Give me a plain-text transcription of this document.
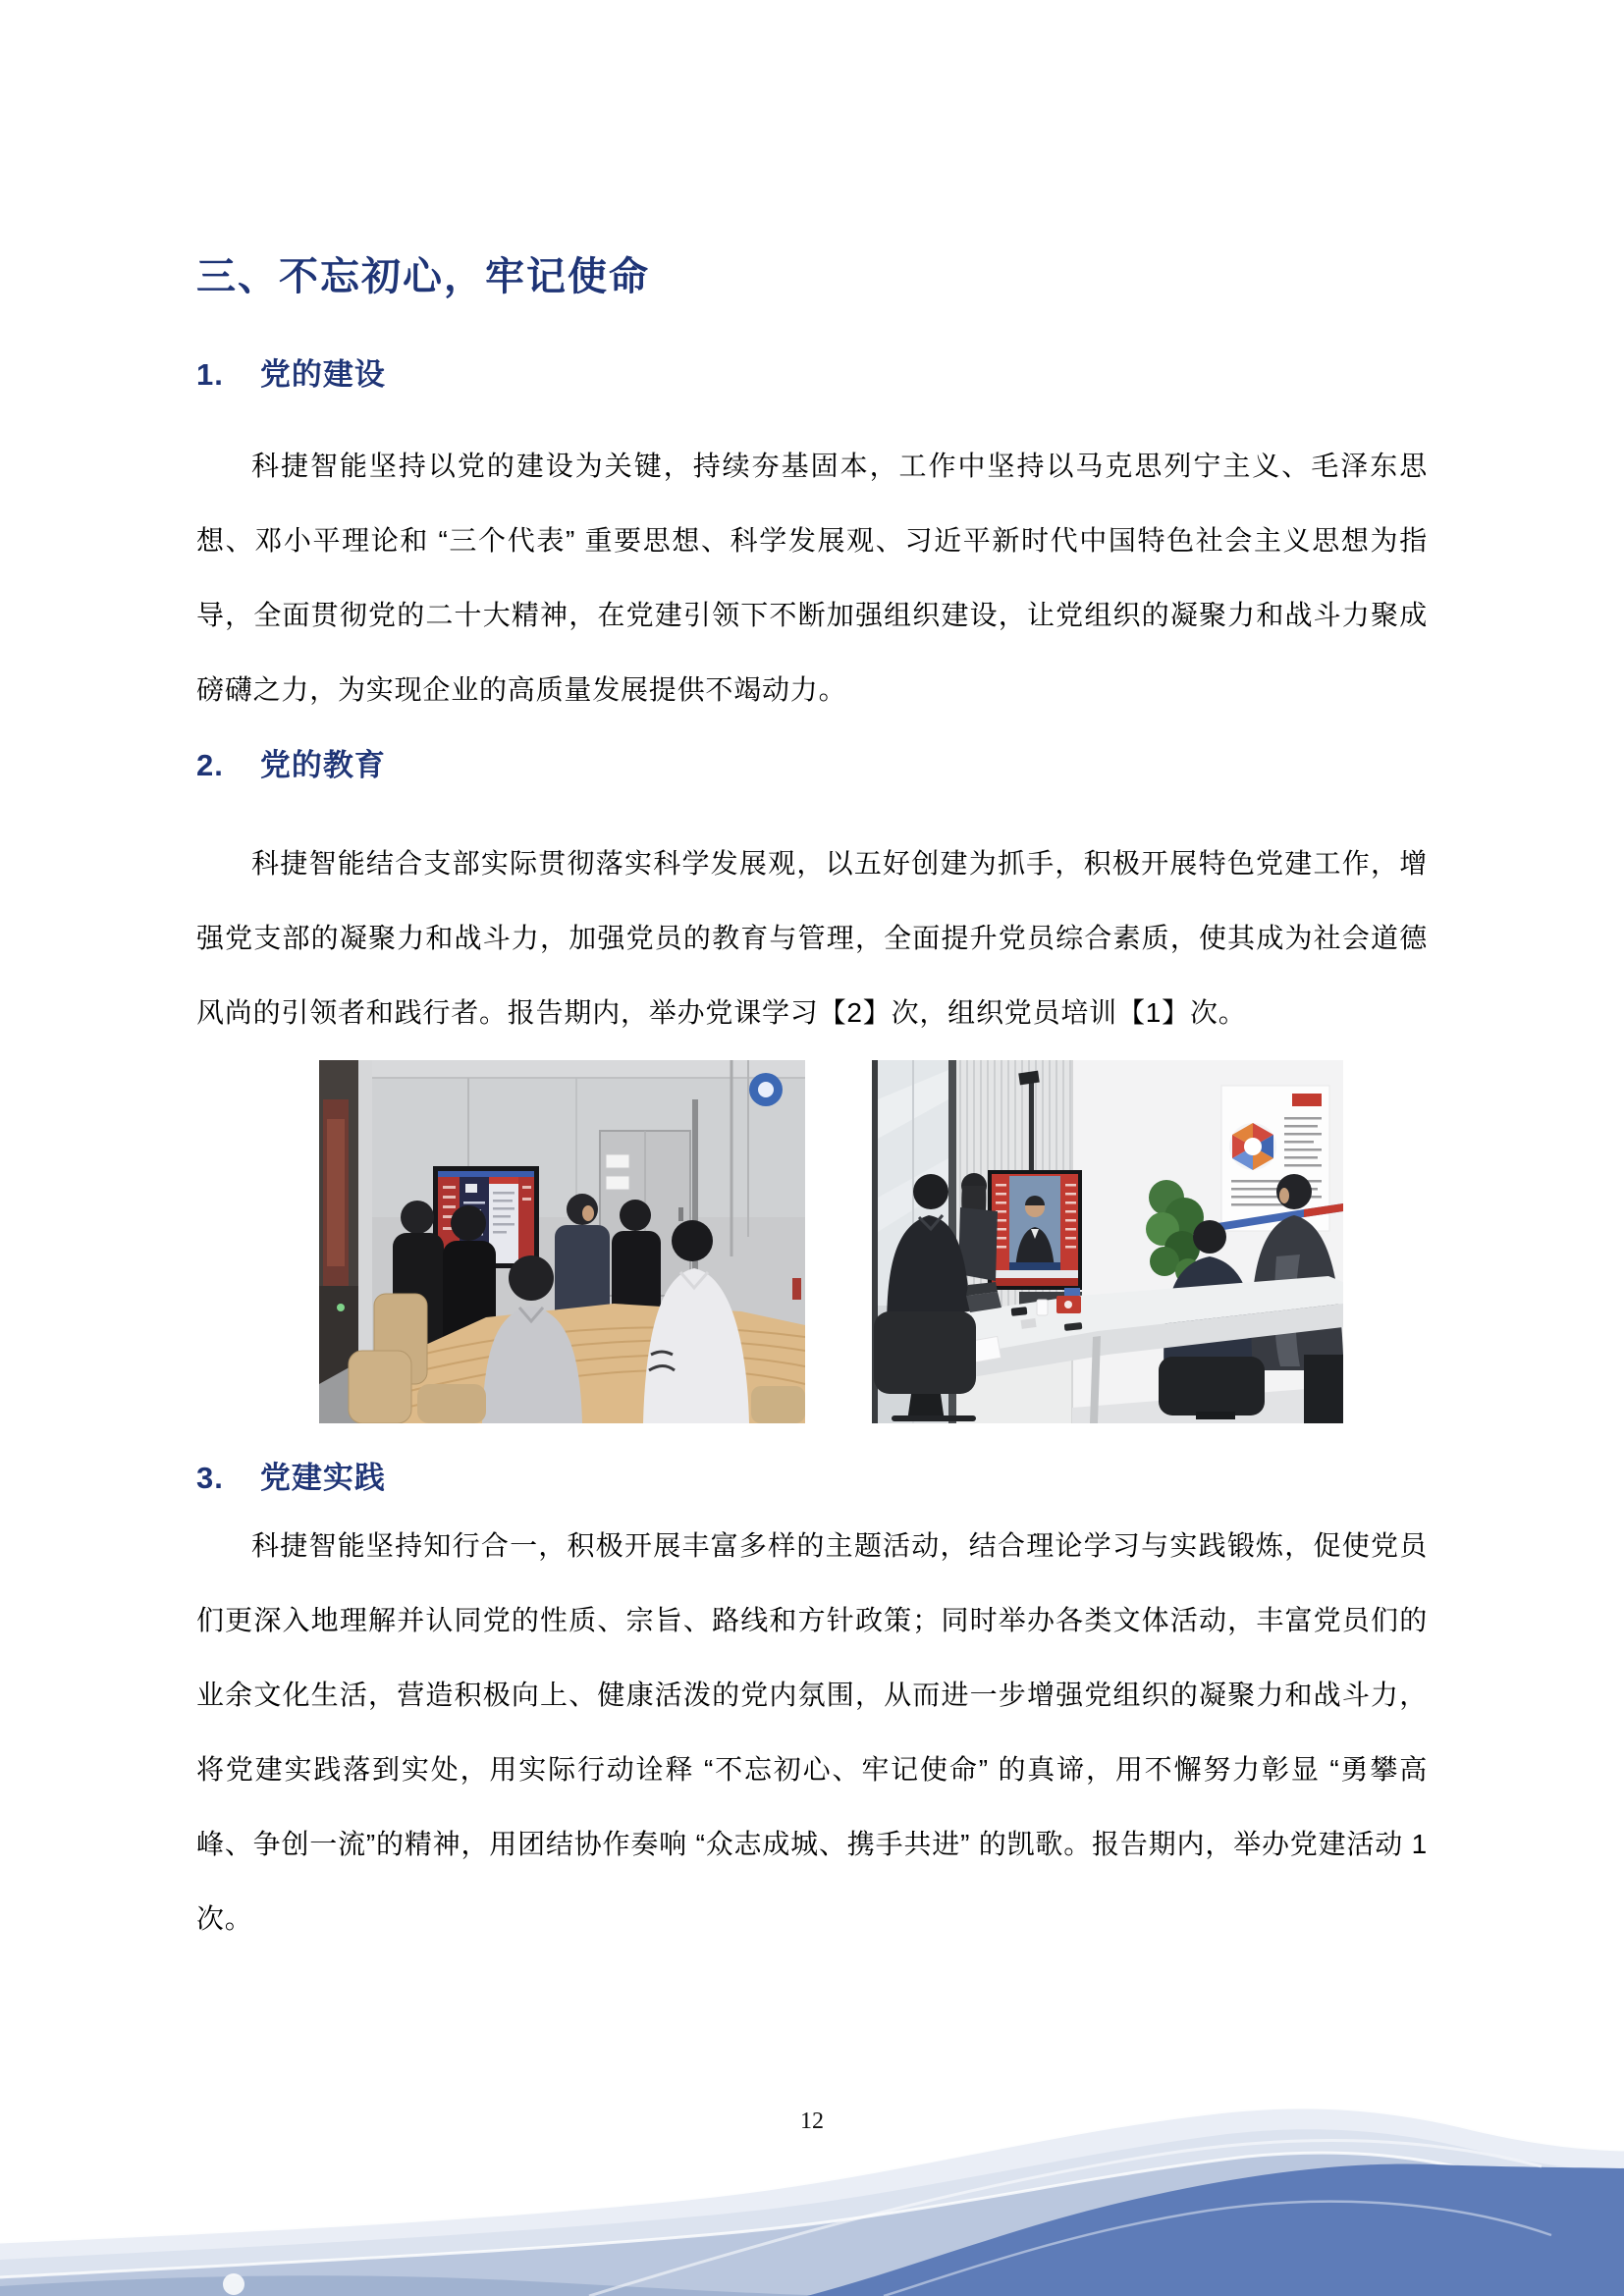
三、不忘初心，牢记使命
1. 党的建设

科捷智能坚持以党的建设为关键，持续夯基固本，工作中坚持以马克思列宁主义、毛泽东思想、邓小平理论和 “三个代表” 重要思想、科学发展观、习近平新时代中国特色社会主义思想为指导，全面贯彻党的二十大精神，在党建引领下不断加强组织建设，让党组织的凝聚力和战斗力聚成磅礴之力，为实现企业的高质量发展提供不竭动力。

2. 党的教育

科捷智能结合支部实际贯彻落实科学发展观，以五好创建为抓手，积极开展特色党建工作，增强党支部的凝聚力和战斗力，加强党员的教育与管理，全面提升党员综合素质，使其成为社会道德风尚的引领者和践行者。报告期内，举办党课学习【2】次，组织党员培训【1】次。

3. 党建实践

科捷智能坚持知行合一，积极开展丰富多样的主题活动，结合理论学习与实践锻炼，促使党员们更深入地理解并认同党的性质、宗旨、路线和方针政策；同时举办各类文体活动，丰富党员们的业余文化生活，营造积极向上、健康活泼的党内氛围，从而进一步增强党组织的凝聚力和战斗力，将党建实践落到实处，用实际行动诠释 “不忘初心、牢记使命” 的真谛，用不懈努力彰显 “勇攀高峰、争创一流”的精神，用团结协作奏响 “众志成城、携手共进” 的凯歌。报告期内，举办党建活动 1 次。

12
